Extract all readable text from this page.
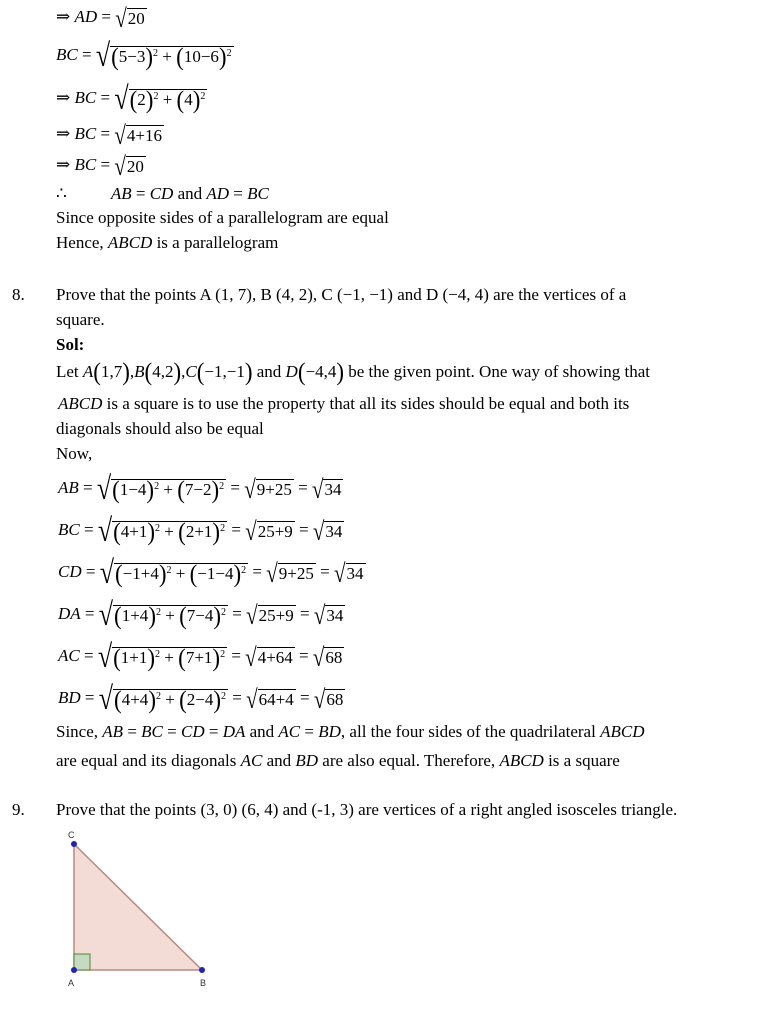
⇒ AD = √ 20
BC = √ $(5-3)^2 + (10-6)^2$
⇒ BC = √ $(2)^2 + (4)^2$
⇒ BC = √ 4+16
⇒ BC = √ 20
∴	AB = CD and AD = BC
Since opposite sides of a parallelogram are equal
Hence, ABCD is a parallelogram
8. Prove that the points A (1, 7), B (4, 2), C (−1, −1) and D (−4, 4) are the vertices of a
square.
Sol:
Let A(1,7),B(4,2),C(−1,−1) and D(−4,4) be the given point. One way of showing that
ABCD is a square is to use the property that all its sides should be equal and both its
diagonals should also be equal
Now,
AB = √ $(1-4)^2 + (7-2)^2$ = √ 9+25 = √ 34
BC = √ $(4+1)^2 + (2+1)^2$ = √ 25+9 = √ 34
CD = √ $(-1+4)^2 + (-1-4)^2$ = √ 9+25 = √ 34
DA = √ $(1+4)^2 + (7-4)^2$ = √ 25+9 = √ 34
AC = √ $(1+1)^2 + (7+1)^2$ = √ 4+64 = √ 68
BD = √ $(4+4)^2 + (2-4)^2$ = √ 64+4 = √ 68
Since, AB = BC = CD = DA and AC = BD, all the four sides of the quadrilateral ABCD
are equal and its diagonals AC and BD are also equal. Therefore, ABCD is a square
9. Prove that the points (3, 0) (6, 4) and (-1, 3) are vertices of a right angled isosceles triangle.
C
A	B
